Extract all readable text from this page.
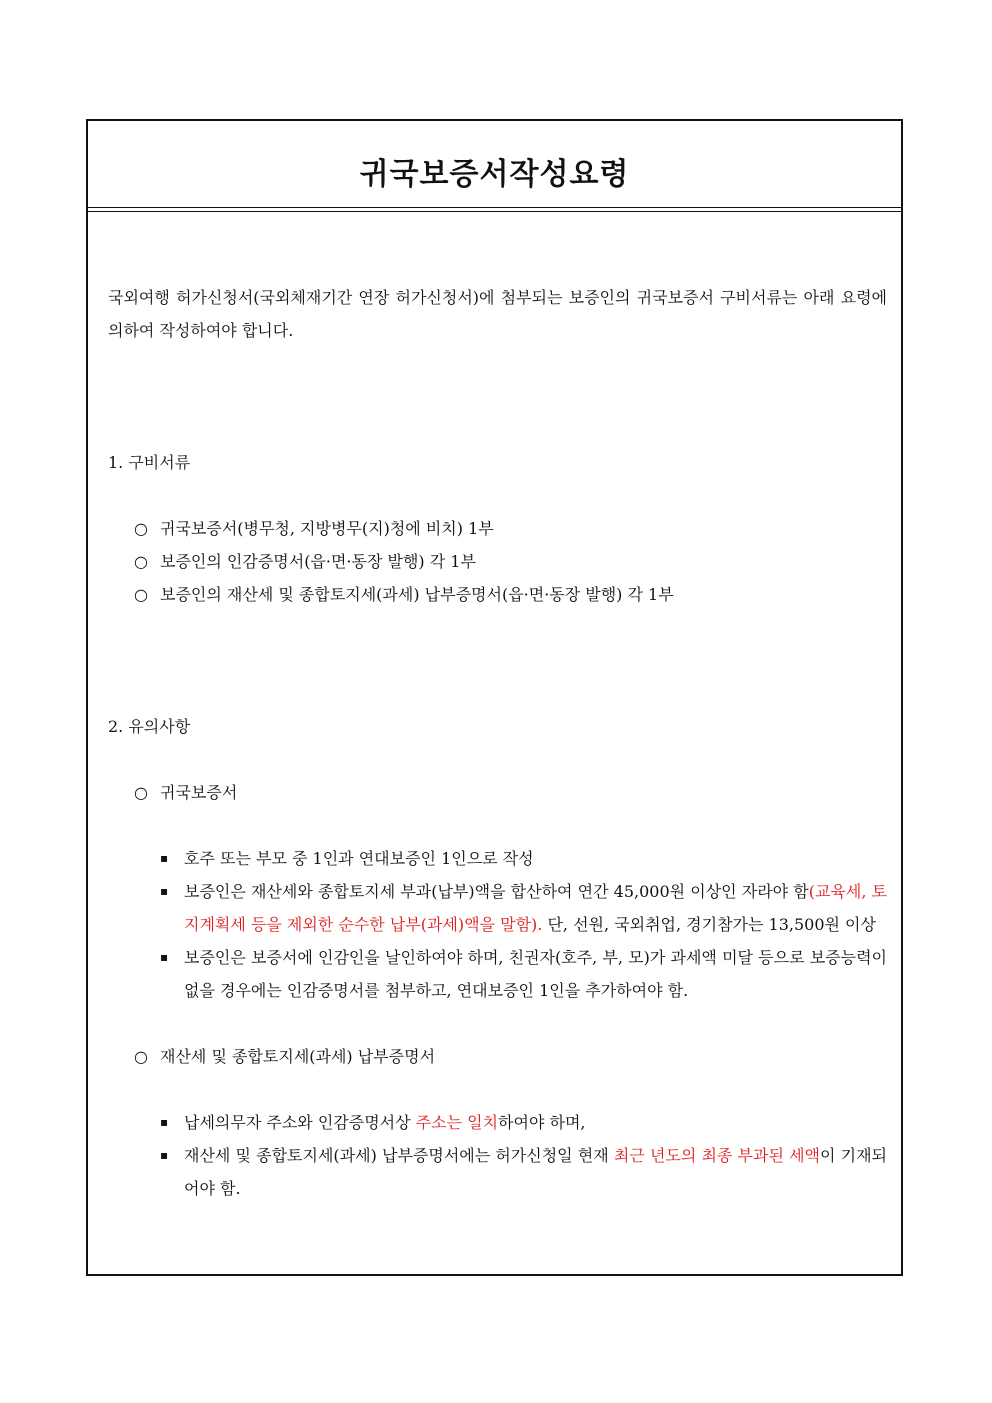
귀국보증서작성요령

국외여행 허가신청서(국외체재기간 연장 허가신청서)에 첨부되는 보증인의 귀국보증서 구비서류는 아래 요령에 의하여 작성하여야 합니다.

1. 구비서류

○ 귀국보증서(병무청, 지방병무(지)청에 비치) 1부

○ 보증인의 인감증명서(읍·면·동장 발행) 각 1부

○ 보증인의 재산세 및 종합토지세(과세) 납부증명서(읍·면·동장 발행) 각 1부

2. 유의사항

○ 귀국보증서

▪ 호주 또는 부모 중 1인과 연대보증인 1인으로 작성

▪ 보증인은 재산세와 종합토지세 부과(납부)액을 합산하여 연간 45,000원 이상인 자라야 함(교육세, 토지계획세 등을 제외한 순수한 납부(과세)액을 말함). 단, 선원, 국외취업, 경기참가는 13,500원 이상

▪ 보증인은 보증서에 인감인을 날인하여야 하며, 친권자(호주, 부, 모)가 과세액 미달 등으로 보증능력이 없을 경우에는 인감증명서를 첨부하고, 연대보증인 1인을 추가하여야 함.

○ 재산세 및 종합토지세(과세) 납부증명서

▪ 납세의무자 주소와 인감증명서상 주소는 일치하여야 하며,

▪ 재산세 및 종합토지세(과세) 납부증명서에는 허가신청일 현재 최근 년도의 최종 부과된 세액이 기재되어야 함.
